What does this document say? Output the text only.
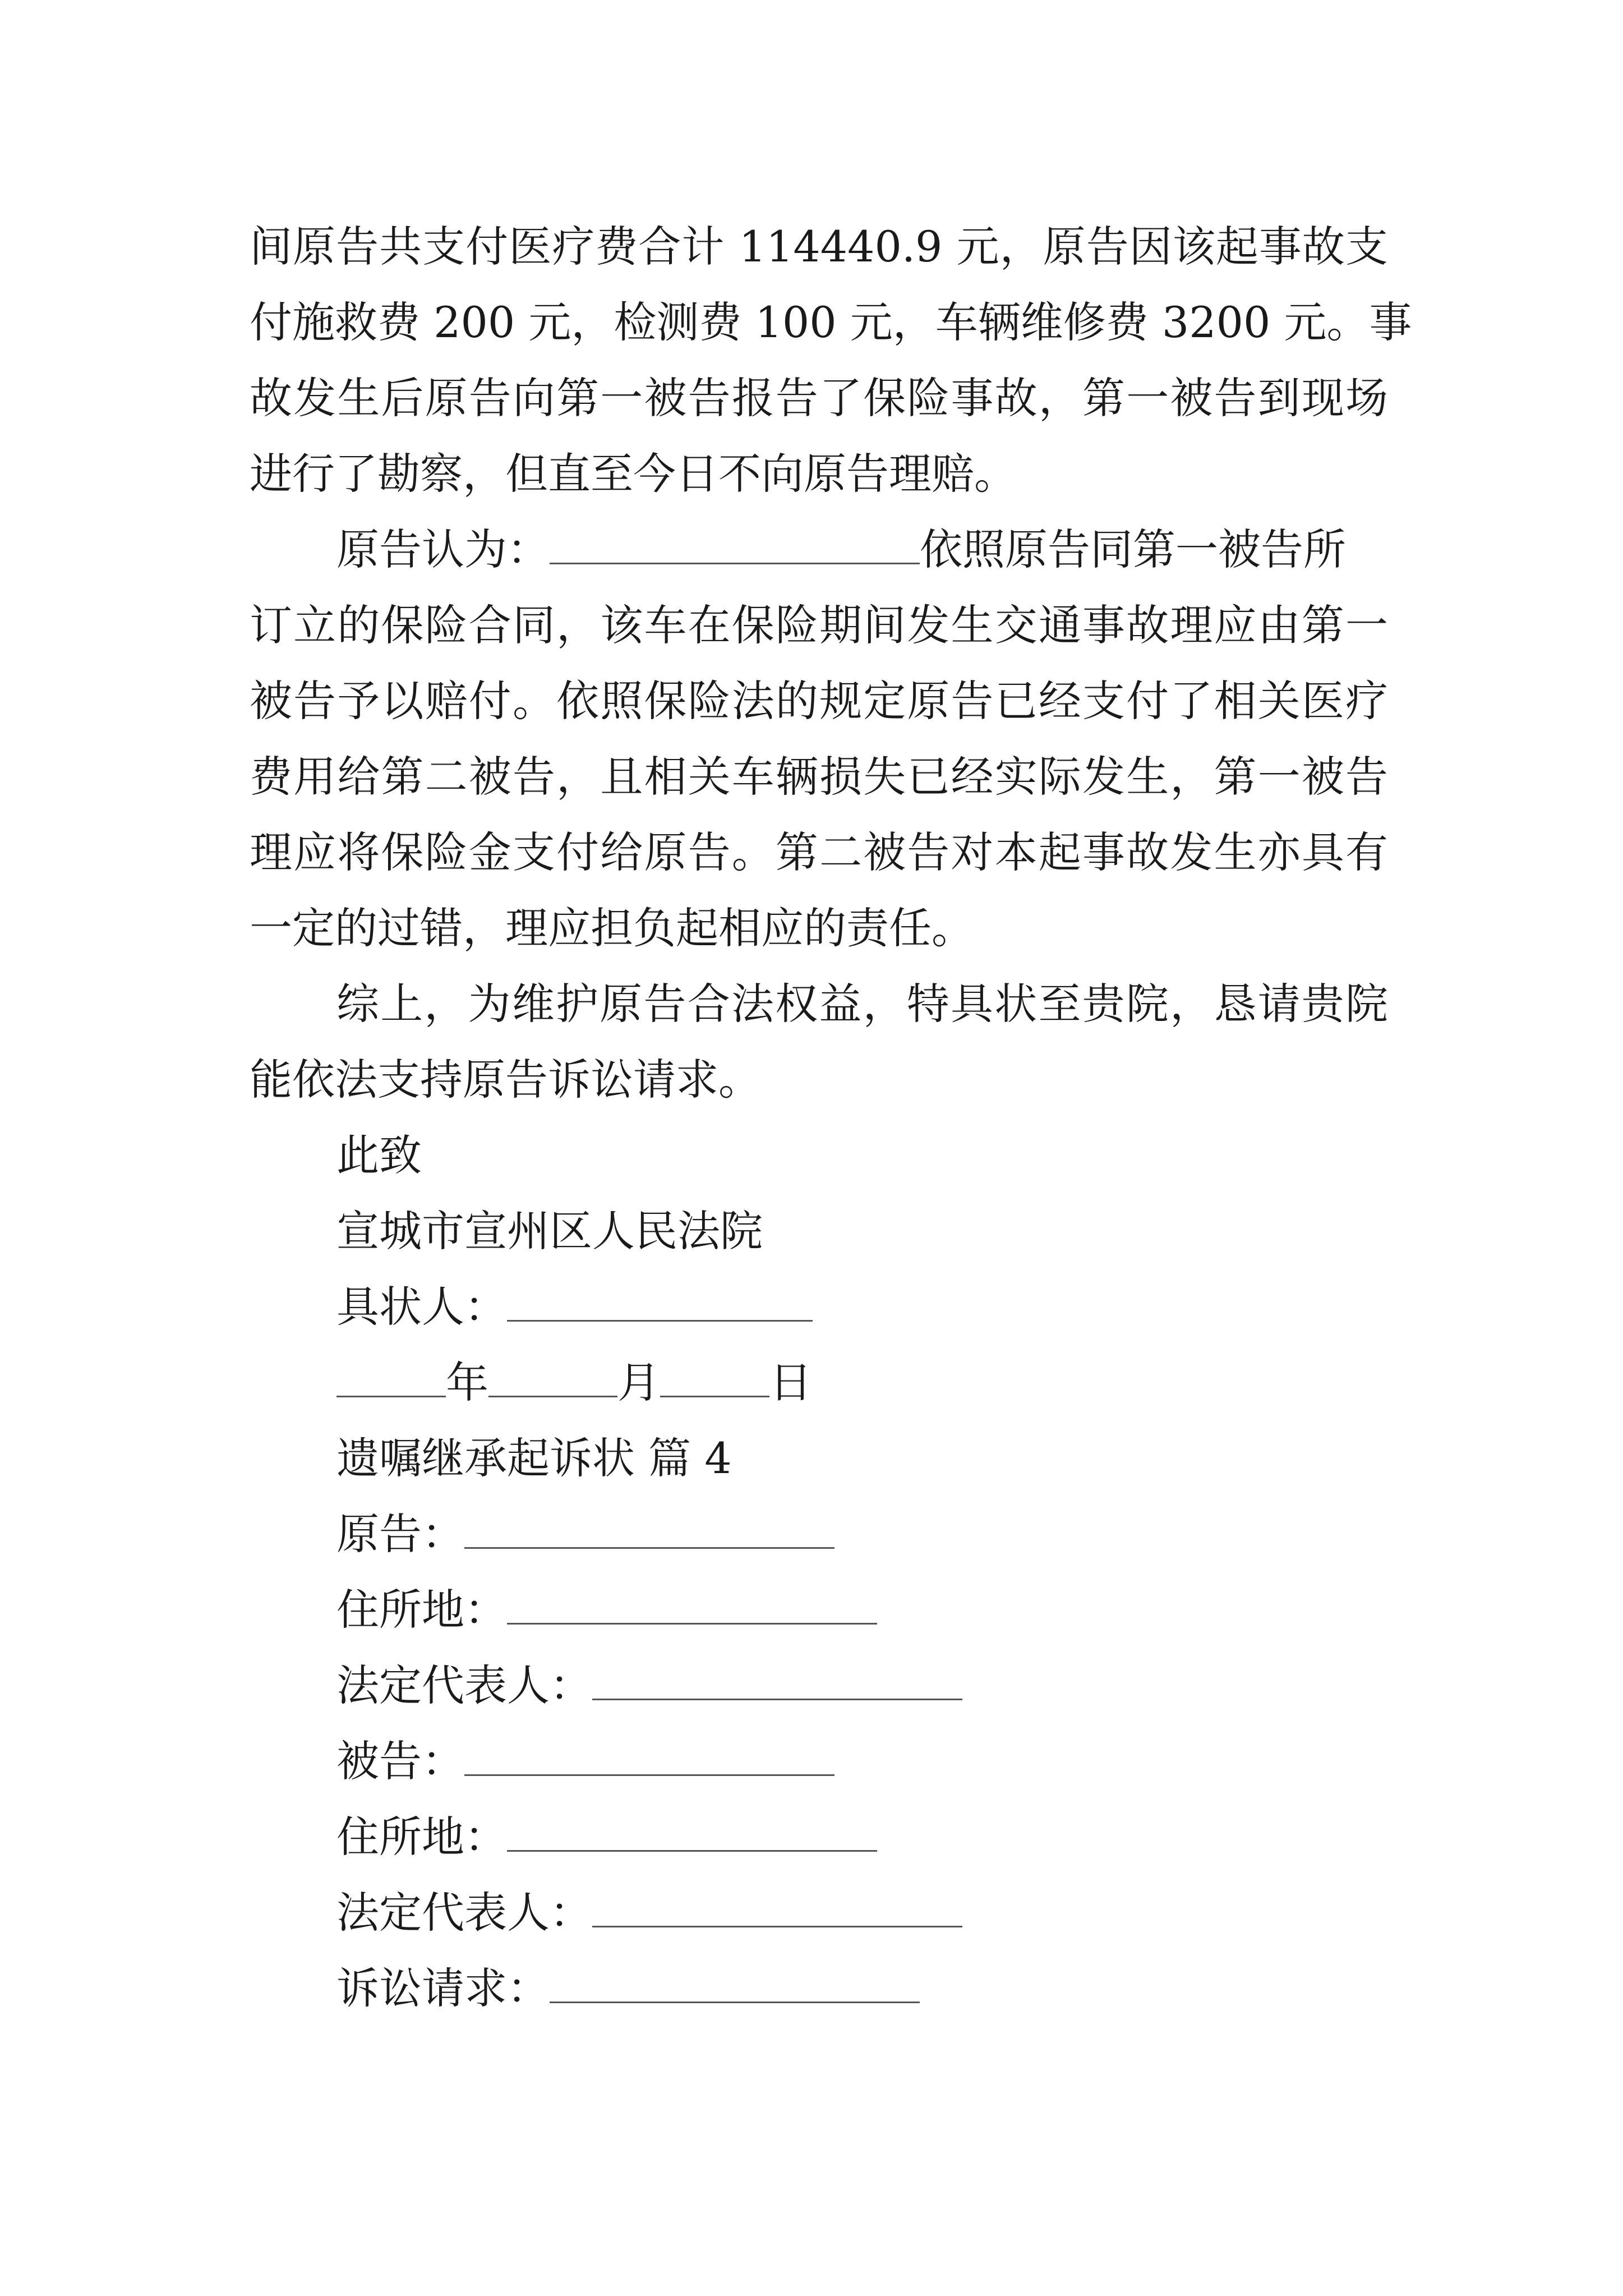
间原告共支付医疗费合计 114440.9 元，原告因该起事故支
付施救费 200 元，检测费 100 元，车辆维修费 3200 元。事
故发生后原告向第一被告报告了保险事故，第一被告到现场
进行了勘察，但直至今日不向原告理赔。
原告认为：	依照原告同第一被告所
订立的保险合同，该车在保险期间发生交通事故理应由第一
被告予以赔付。依照保险法的规定原告已经支付了相关医疗
费用给第二被告，且相关车辆损失已经实际发生，第一被告
理应将保险金支付给原告。第二被告对本起事故发生亦具有
一定的过错，理应担负起相应的责任。
综上，为维护原告合法权益，特具状至贵院，恳请贵院
能依法支持原告诉讼请求。
此致
宣城市宣州区人民法院
具状人：
年	月	日
遗嘱继承起诉状 篇 4
原告：
住所地：
法定代表人：
被告：
住所地：
法定代表人：
诉讼请求：
